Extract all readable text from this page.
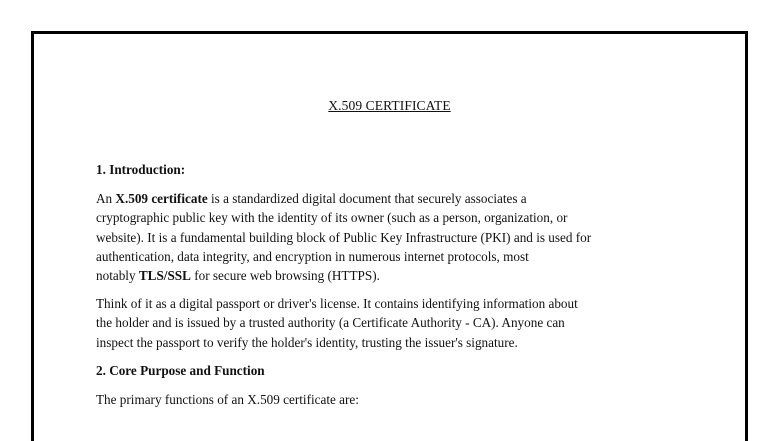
X.509 CERTIFICATE
1. Introduction:
An X.509 certificate is a standardized digital document that securely associates a
cryptographic public key with the identity of its owner (such as a person, organization, or
website). It is a fundamental building block of Public Key Infrastructure (PKI) and is used for
authentication, data integrity, and encryption in numerous internet protocols, most
notably TLS/SSL for secure web browsing (HTTPS).
Think of it as a digital passport or driver's license. It contains identifying information about
the holder and is issued by a trusted authority (a Certificate Authority - CA). Anyone can
inspect the passport to verify the holder's identity, trusting the issuer's signature.
2. Core Purpose and Function
The primary functions of an X.509 certificate are:
